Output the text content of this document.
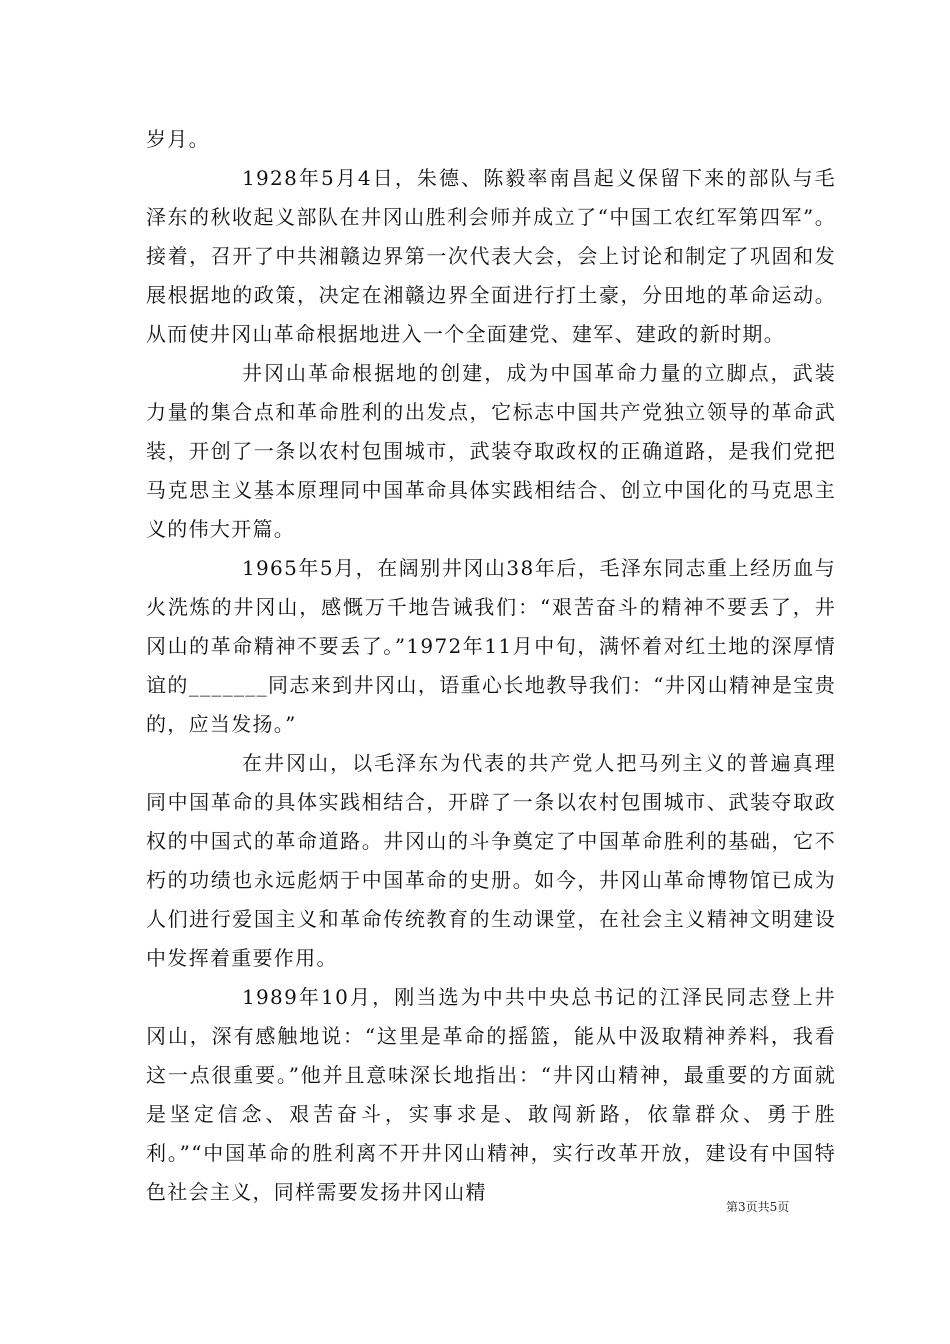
岁月。

1928年5月4日，朱德、陈毅率南昌起义保留下来的部队与毛泽东的秋收起义部队在井冈山胜利会师并成立了“中国工农红军第四军”。接着，召开了中共湘赣边界第一次代表大会，会上讨论和制定了巩固和发展根据地的政策，决定在湘赣边界全面进行打土豪，分田地的革命运动。从而使井冈山革命根据地进入一个全面建党、建军、建政的新时期。

井冈山革命根据地的创建，成为中国革命力量的立脚点，武装力量的集合点和革命胜利的出发点，它标志中国共产党独立领导的革命武装，开创了一条以农村包围城市，武装夺取政权的正确道路，是我们党把马克思主义基本原理同中国革命具体实践相结合、创立中国化的马克思主义的伟大开篇。

1965年5月，在阔别井冈山38年后，毛泽东同志重上经历血与火洗炼的井冈山，感慨万千地告诫我们：“艰苦奋斗的精神不要丢了，井冈山的革命精神不要丢了。”1972年11月中旬，满怀着对红土地的深厚情谊的_______同志来到井冈山，语重心长地教导我们：“井冈山精神是宝贵的，应当发扬。”

在井冈山，以毛泽东为代表的共产党人把马列主义的普遍真理同中国革命的具体实践相结合，开辟了一条以农村包围城市、武装夺取政权的中国式的革命道路。井冈山的斗争奠定了中国革命胜利的基础，它不朽的功绩也永远彪炳于中国革命的史册。如今，井冈山革命博物馆已成为人们进行爱国主义和革命传统教育的生动课堂，在社会主义精神文明建设中发挥着重要作用。

1989年10月，刚当选为中共中央总书记的江泽民同志登上井冈山，深有感触地说：“这里是革命的摇篮，能从中汲取精神养料，我看这一点很重要。”他并且意味深长地指出：“井冈山精神，最重要的方面就是坚定信念、艰苦奋斗，实事求是、敢闯新路，依靠群众、勇于胜利。”“中国革命的胜利离不开井冈山精神，实行改革开放，建设有中国特色社会主义，同样需要发扬井冈山精

第3页共5页
